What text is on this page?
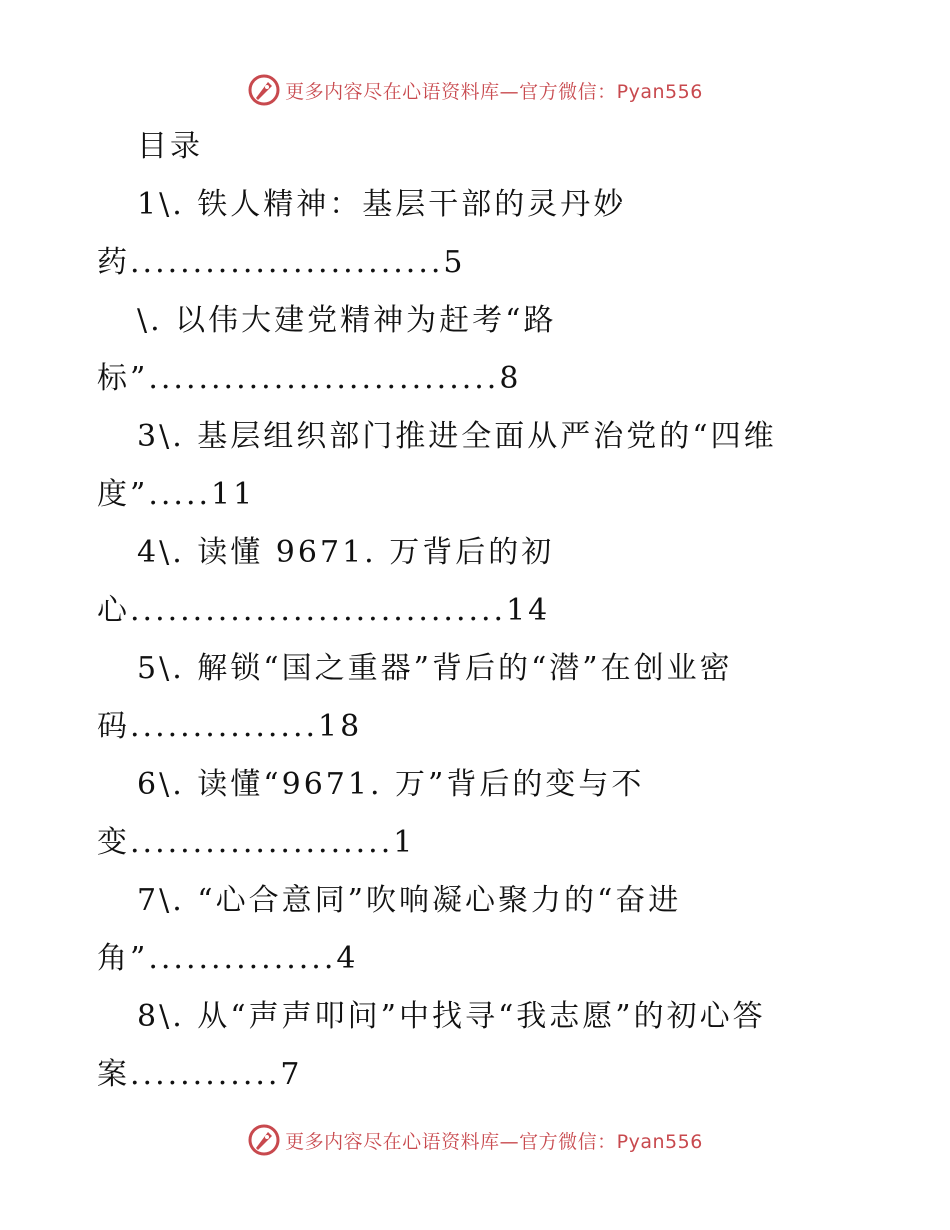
更多内容尽在心语资料库—官方微信：Pyan556
目录
1\. 铁人精神：基层干部的灵丹妙
药.........................5
\. 以伟大建党精神为赶考“路
标”............................8
3\. 基层组织部门推进全面从严治党的“四维
度”.....11
4\. 读懂 9671. 万背后的初
心..............................14
5\. 解锁“国之重器”背后的“潜”在创业密
码...............18
6\. 读懂“9671. 万”背后的变与不
变.....................1
7\. “心合意同”吹响凝心聚力的“奋进
角”...............4
8\. 从“声声叩问”中找寻“我志愿”的初心答
案............7
更多内容尽在心语资料库—官方微信：Pyan556
